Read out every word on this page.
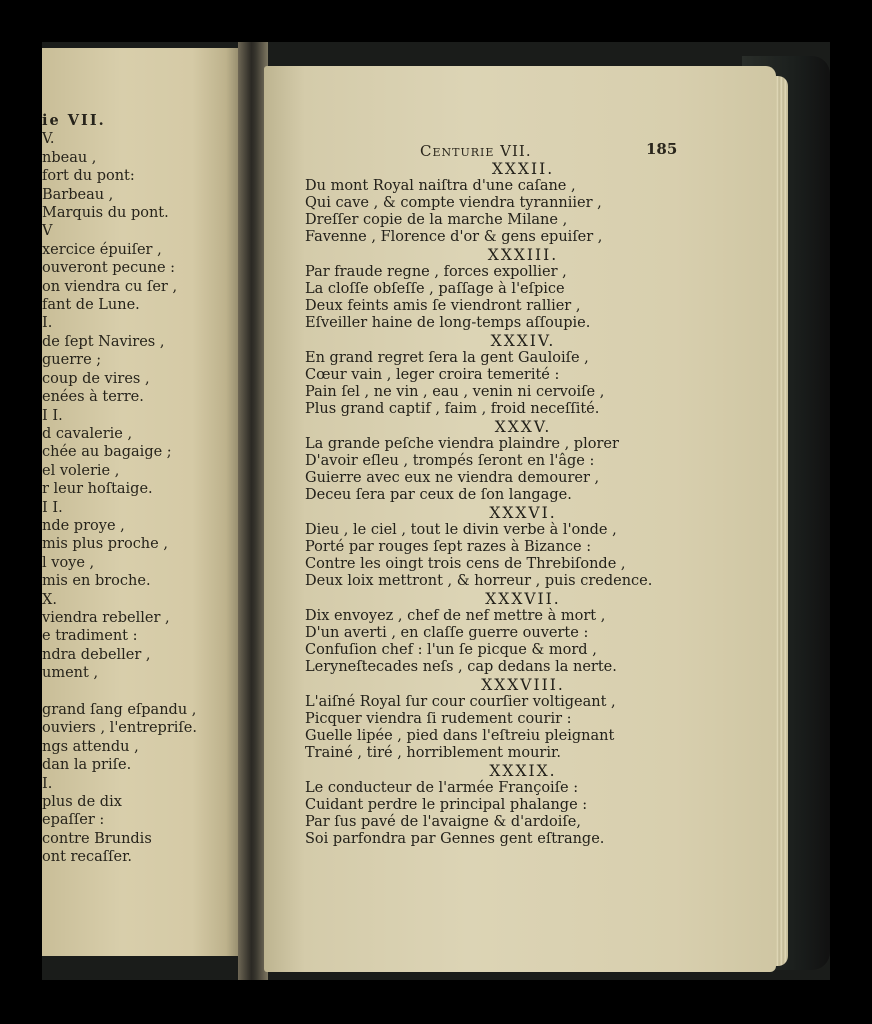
ie VII.
V.
nbeau ,
fort du pont:
Barbeau ,
Marquis du pont.
V
xercice épuiſer ,
ouveront pecune :
on viendra cu ſer ,
fant de Lune.
I.
de ſept Navires ,
guerre ;
coup de vires ,
enées à terre.
I I.
d cavalerie ,
chée au bagaige ;
el volerie ,
r leur hoſtaige.
I I.
nde proye ,
mis plus proche ,
l voye ,
mis en broche.
X.
viendra rebeller ,
e tradiment :
ndra debeller ,
ument ,

grand ſang eſpandu ,
ouviers , l'entrepriſe.
ngs attendu ,
dan la priſe.
I.
plus de dix
epaſſer :
contre Brundis
ont recaſſer.
Centurie VII.	185
XXXII.
Du mont Royal naiſtra d'une caſane ,
Qui cave , & compte viendra tyranniier ,
Dreſſer copie de la marche Milane ,
Favenne , Florence d'or & gens epuiſer ,
XXXIII.
Par fraude regne , forces expollier ,
La cloſſe obſeſſe , paſſage à l'eſpice
Deux feints amis ſe viendront rallier ,
Eſveiller haine de long-temps aſſoupie.
XXXIV.
En grand regret ſera la gent Gauloiſe ,
Cœur vain , leger croira temerité :
Pain ſel , ne vin , eau , venin ni cervoiſe ,
Plus grand captif , faim , froid neceſſité.
XXXV.
La grande peſche viendra plaindre , plorer
D'avoir eſleu , trompés ſeront en l'âge :
Guierre avec eux ne viendra demourer ,
Deceu ſera par ceux de ſon langage.
XXXVI.
Dieu , le ciel , tout le divin verbe à l'onde ,
Porté par rouges ſept razes à Bizance :
Contre les oingt trois cens de Threbiſonde ,
Deux loix mettront , & horreur , puis credence.
XXXVII.
Dix envoyez , chef de nef mettre à mort ,
D'un averti , en claſſe guerre ouverte :
Confuſion chef : l'un ſe picque & mord ,
Leryneſtecades neſs , cap dedans la nerte.
XXXVIII.
L'aiſné Royal ſur cour courſier voltigeant ,
Picquer viendra ſi rudement courir :
Guelle lipée , pied dans l'eſtreiu pleignant
Trainé , tiré , horriblement mourir.
XXXIX.
Le conducteur de l'armée Françoiſe :
Cuidant perdre le principal phalange :
Par ſus pavé de l'avaigne & d'ardoiſe,
Soi parfondra par Gennes gent eſtrange.
